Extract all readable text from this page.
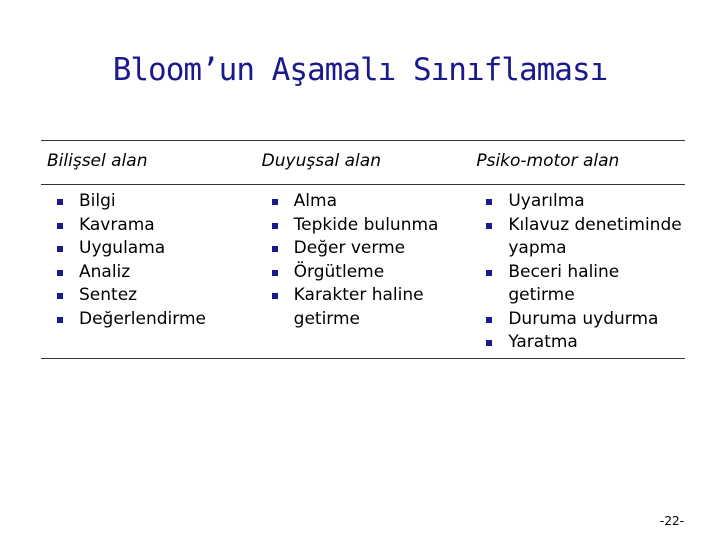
Bloom’un Aşamalı Sınıflaması
Bilişsel alan	Duyuşsal alan	Psiko-motor alan
Bilgi
Kavrama
Uygulama
Analiz
Sentez
Değerlendirme
Alma
Tepkide bulunma
Değer verme
Örgütleme
Karakter haline getirme
Uyarılma
Kılavuz denetiminde yapma
Beceri haline getirme
Duruma uydurma
Yaratma
-22-
